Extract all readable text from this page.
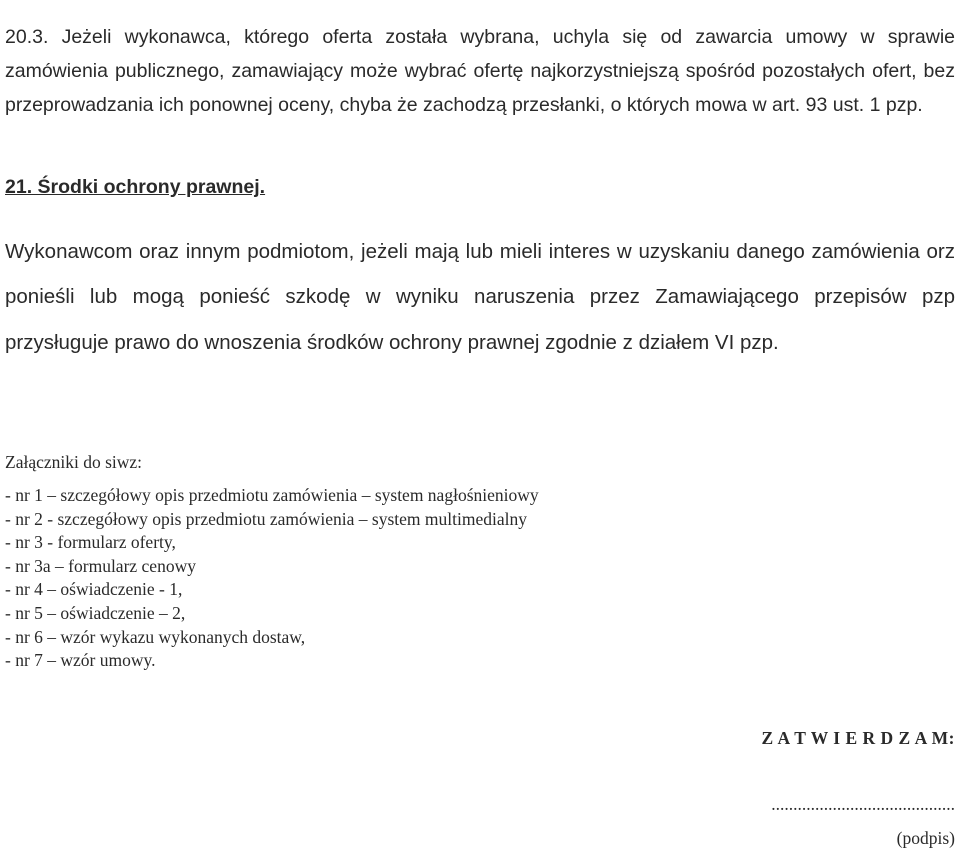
20.3. Jeżeli wykonawca, którego oferta została wybrana, uchyla się od zawarcia umowy w sprawie zamówienia publicznego, zamawiający może wybrać ofertę najkorzystniejszą spośród pozostałych ofert, bez przeprowadzania ich ponownej oceny, chyba że zachodzą przesłanki, o których mowa w art. 93 ust. 1 pzp.

21. Środki ochrony prawnej.

Wykonawcom oraz innym podmiotom, jeżeli mają lub mieli interes w uzyskaniu danego zamówienia orz ponieśli lub mogą ponieść szkodę w wyniku naruszenia przez Zamawiającego przepisów pzp przysługuje prawo do wnoszenia środków ochrony prawnej zgodnie z działem VI pzp.

Załączniki do siwz:
- nr 1 – szczegółowy opis przedmiotu zamówienia – system nagłośnieniowy
- nr 2 - szczegółowy opis przedmiotu zamówienia – system multimedialny
- nr 3 - formularz oferty,
- nr 3a – formularz cenowy
- nr 4 – oświadczenie - 1,
- nr 5 – oświadczenie – 2,
- nr 6 – wzór wykazu wykonanych dostaw,
- nr 7 – wzór umowy.
Z A T W I E R D Z A M:
..........................................
(podpis)
